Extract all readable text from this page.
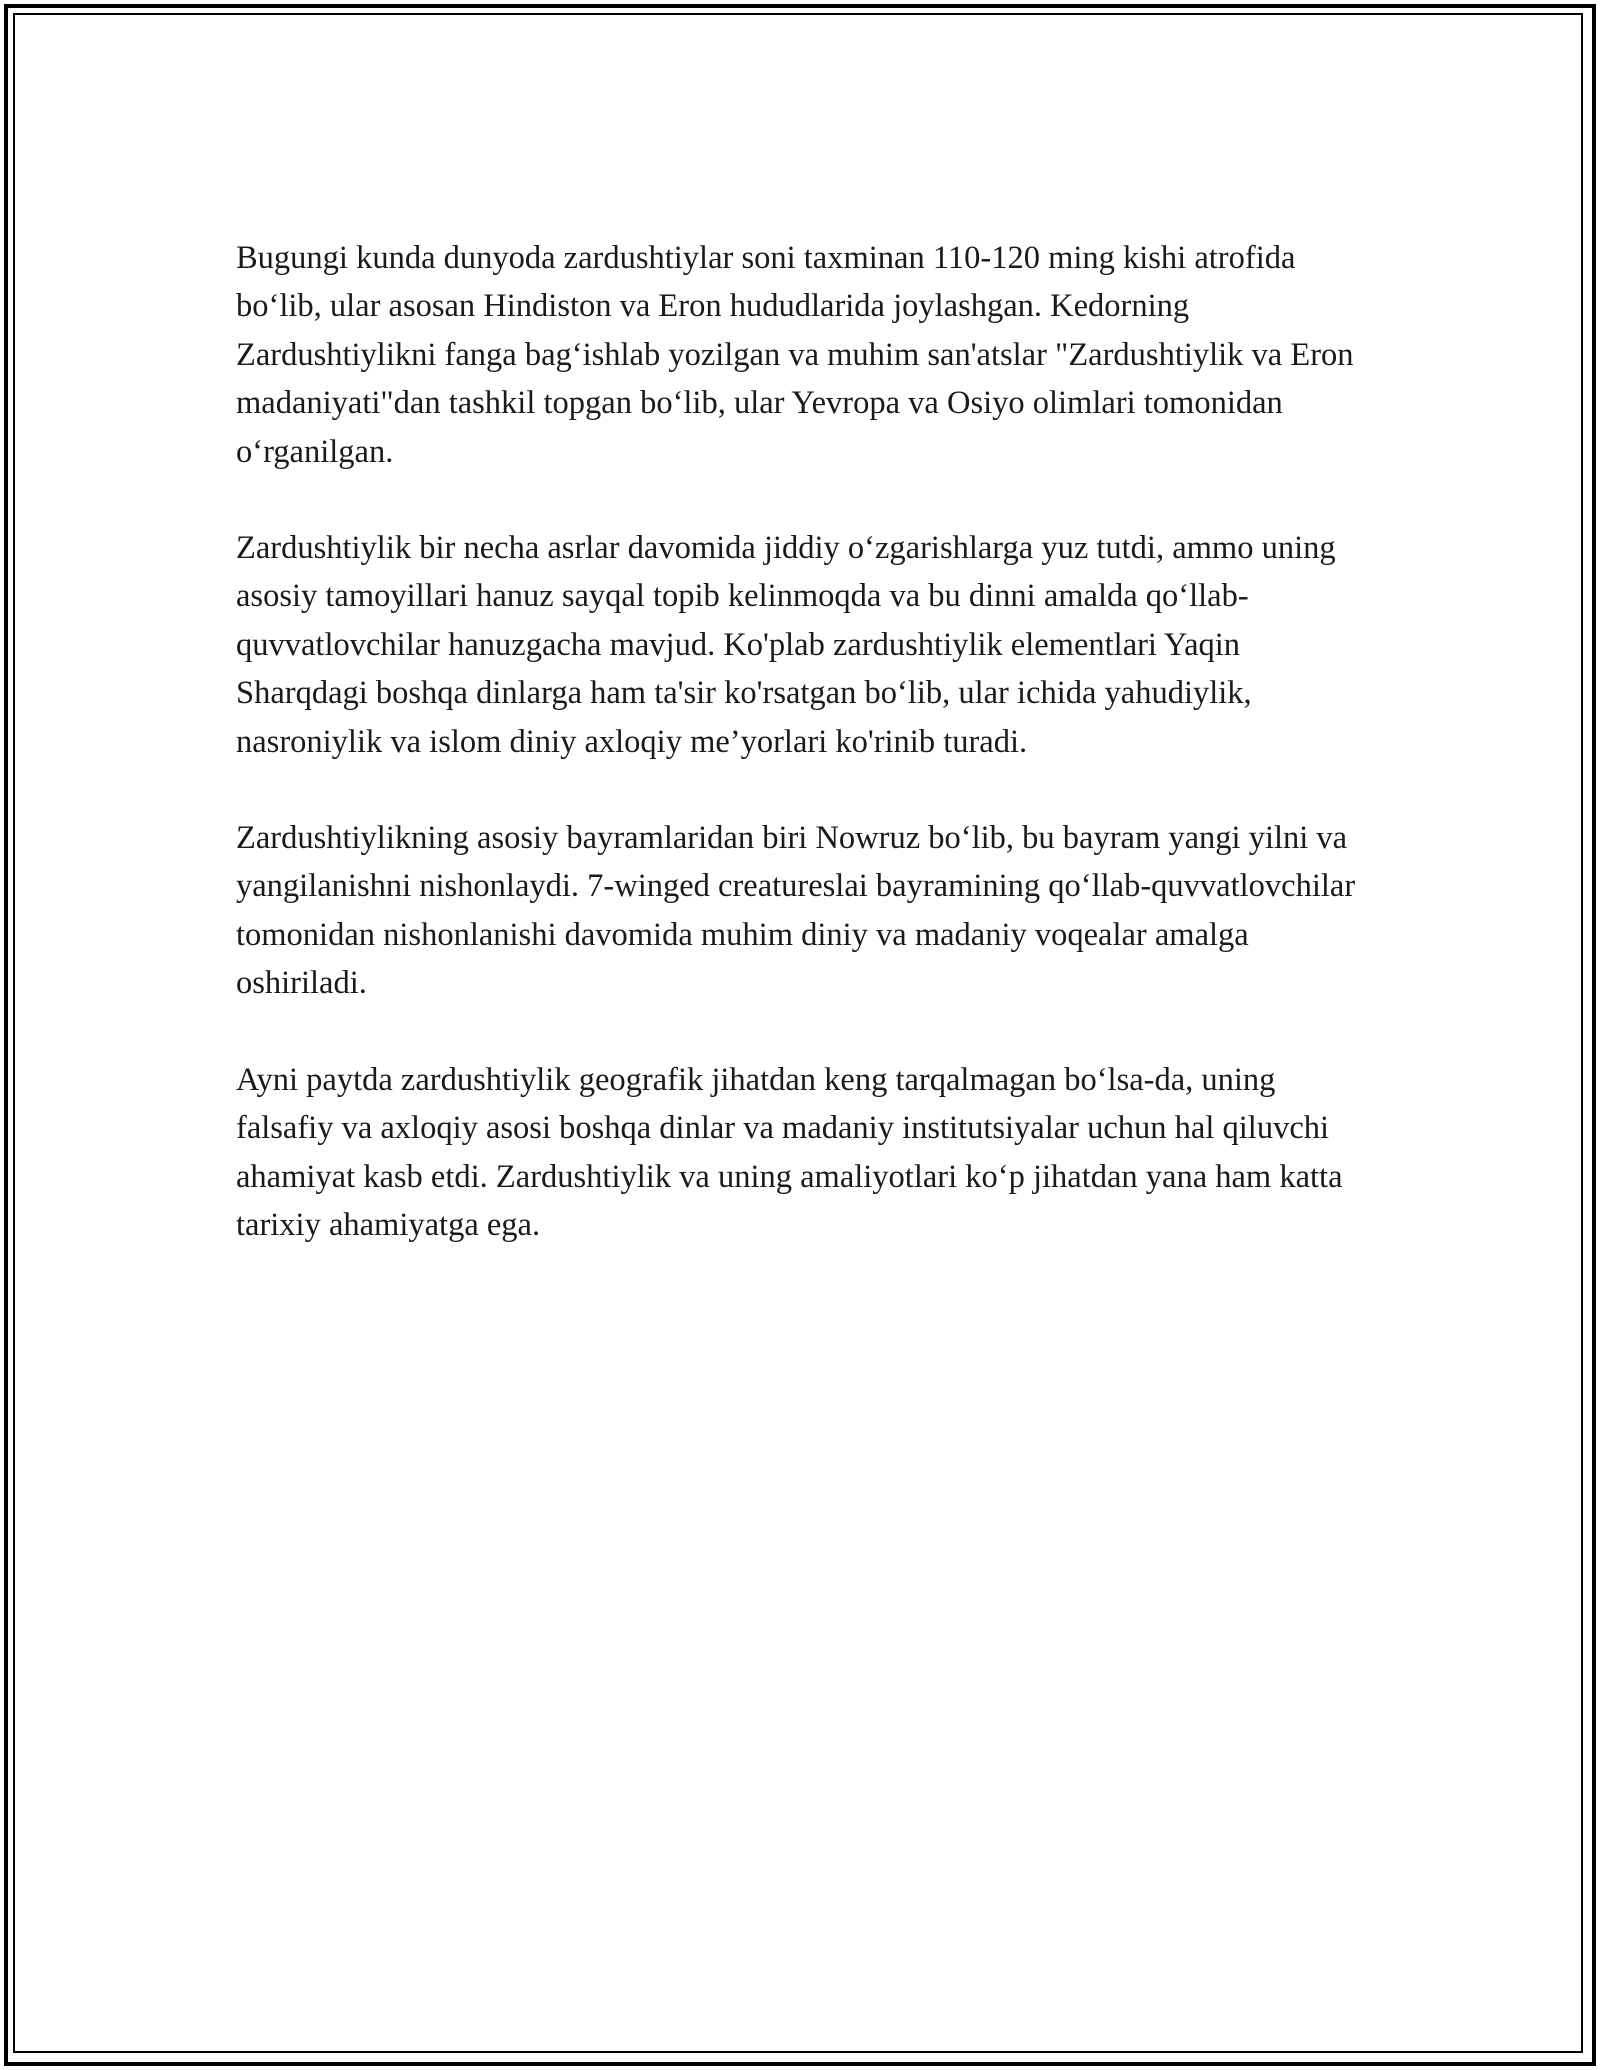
Bugungi kunda dunyoda zardushtiylar soni taxminan 110-120 ming kishi atrofida bo‘lib, ular asosan Hindiston va Eron hududlarida joylashgan. Kedorning Zardushtiylikni fanga bag‘ishlab yozilgan va muhim san'atslar "Zardushtiylik va Eron madaniyati"dan tashkil topgan bo‘lib, ular Yevropa va Osiyo olimlari tomonidan o‘rganilgan.

Zardushtiylik bir necha asrlar davomida jiddiy o‘zgarishlarga yuz tutdi, ammo uning asosiy tamoyillari hanuz sayqal topib kelinmoqda va bu dinni amalda qo‘llab-quvvatlovchilar hanuzgacha mavjud. Ko'plab zardushtiylik elementlari Yaqin Sharqdagi boshqa dinlarga ham ta'sir ko'rsatgan bo‘lib, ular ichida yahudiylik, nasroniylik va islom diniy axloqiy me’yorlari ko'rinib turadi.

Zardushtiylikning asosiy bayramlaridan biri Nowruz bo‘lib, bu bayram yangi yilni va yangilanishni nishonlaydi. 7-winged creatureslai bayramining qo‘llab-quvvatlovchilar tomonidan nishonlanishi davomida muhim diniy va madaniy voqealar amalga oshiriladi.

Ayni paytda zardushtiylik geografik jihatdan keng tarqalmagan bo‘lsa-da, uning falsafiy va axloqiy asosi boshqa dinlar va madaniy institutsiyalar uchun hal qiluvchi ahamiyat kasb etdi. Zardushtiylik va uning amaliyotlari ko‘p jihatdan yana ham katta tarixiy ahamiyatga ega.
